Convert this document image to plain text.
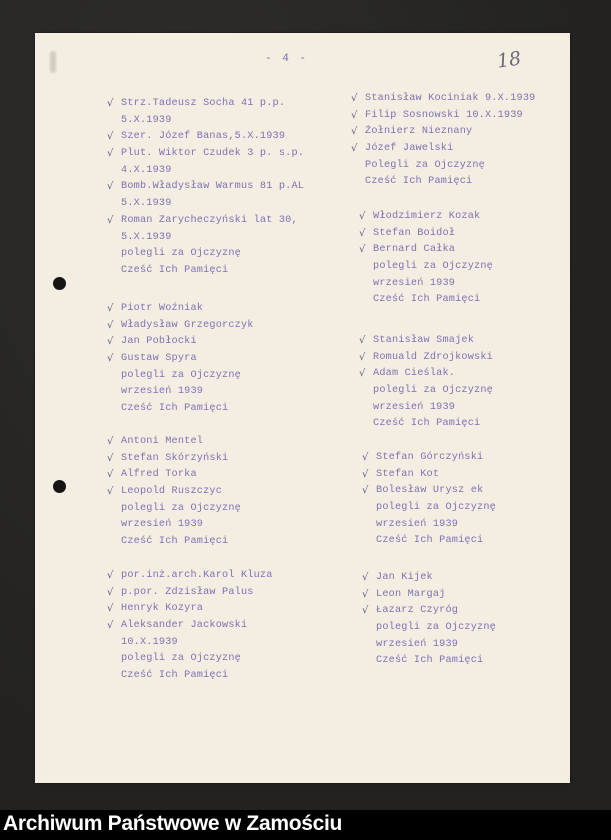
- 4 -	18
√ Strz.Tadeusz Socha 41 p.p.
5.X.1939
√ Szer. Józef Banas,5.X.1939
√ Plut. Wiktor Czudek 3 p. s.p.
4.X.1939
√ Bomb.Władysław Warmus 81 p.AL
5.X.1939
√ Roman Zarycheczyński lat 30,
5.X.1939
polegli za Ojczyznę
Cześć Ich Pamięci
√ Piotr Woźniak
√ Władysław Grzegorczyk
√ Jan Pobłocki
√ Gustaw Spyra
polegli za Ojczyznę
wrzesień 1939
Cześć Ich Pamięci
√ Antoni Mentel
√ Stefan Skórzyński
√ Alfred Torka
√ Leopold Ruszczyc
polegli za Ojczyznę
wrzesień 1939
Cześć Ich Pamięci
√ por.inż.arch.Karol Kluza
√ p.por. Zdzisław Palus
√ Henryk Kozyra
√ Aleksander Jackowski
10.X.1939
polegli za Ojczyznę
Cześć Ich Pamięci
√ Stanisław Kociniak 9.X.1939
√ Filip Sosnowski 10.X.1939
√ Żołnierz Nieznany
√ Józef Jawelski
Polegli za Ojczyznę
Cześć Ich Pamięci
√ Włodzimierz Kozak
√ Stefan Boidoł
√ Bernard Całka
polegli za Ojczyznę
wrzesień 1939
Cześć Ich Pamięci
√ Stanisław Smajek
√ Romuald Zdrojkowski
√ Adam Cieślak.
polegli za Ojczyznę
wrzesień 1939
Cześć Ich Pamięci
√ Stefan Górczyński
√ Stefan Kot
√ Bolesław Urysz ek
polegli za Ojczyznę
wrzesień 1939
Cześć Ich Pamięci
√ Jan Kijek
√ Leon Margaj
√ Łazarz Czyróg
polegli za Ojczyznę
wrzesień 1939
Cześć Ich Pamięci
Archiwum Państwowe w Zamościu
